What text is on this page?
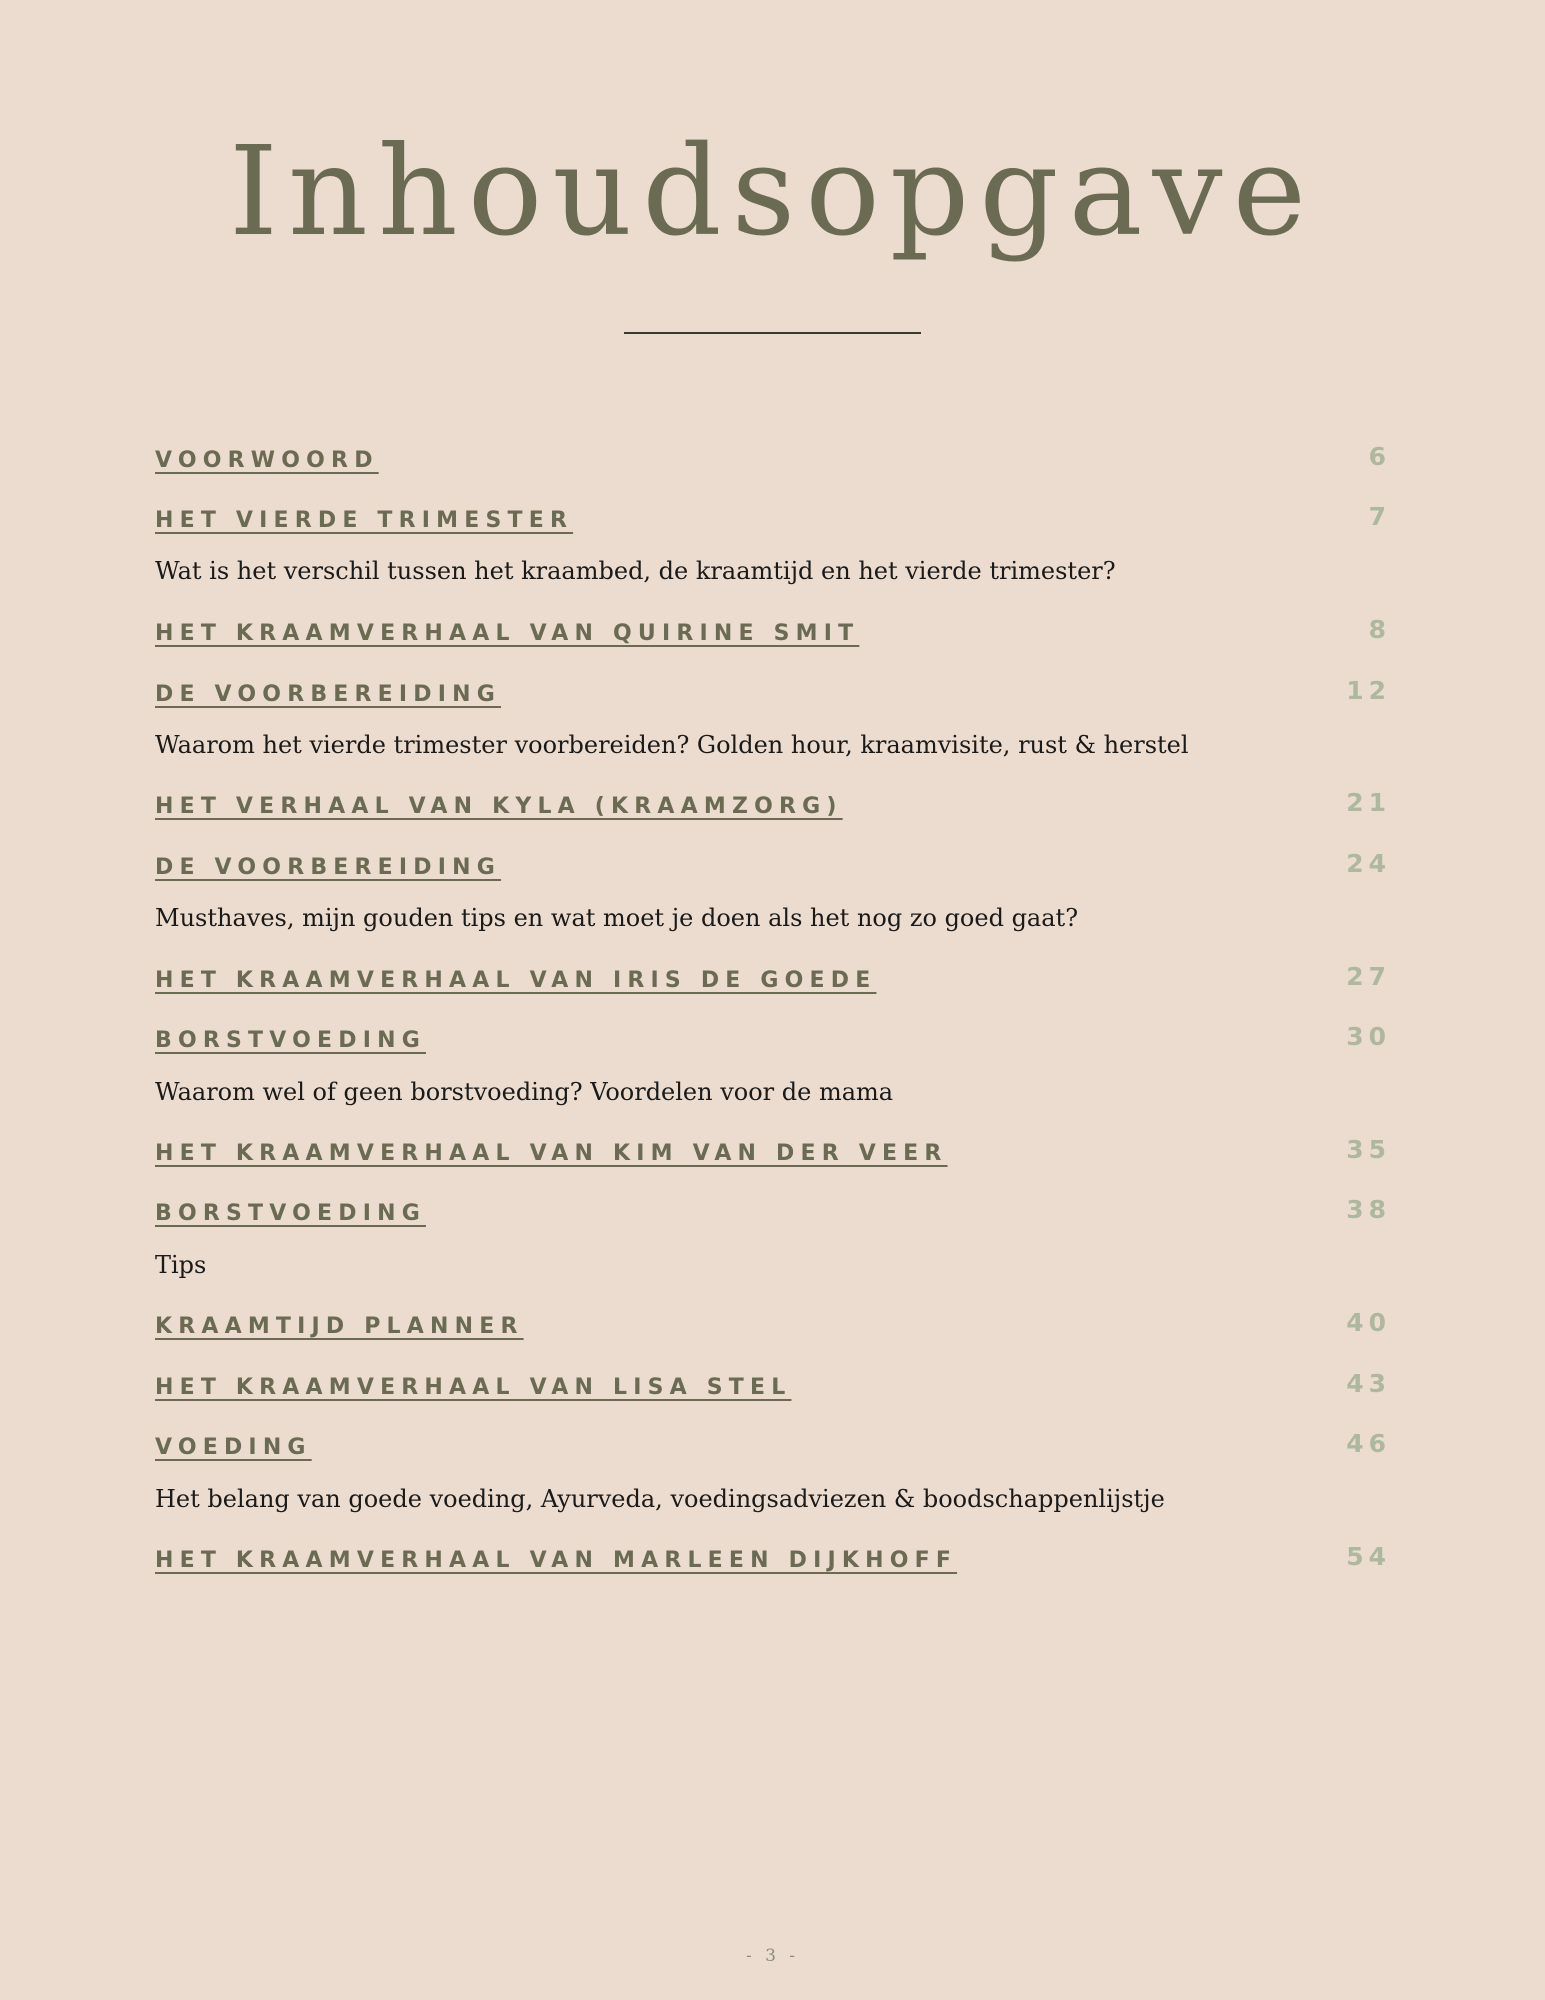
Inhoudsopgave
VOORWOORD	6
HET VIERDE TRIMESTER	7
Wat is het verschil tussen het kraambed, de kraamtijd en het vierde trimester?
HET KRAAMVERHAAL VAN QUIRINE SMIT	8
DE VOORBEREIDING	12
Waarom het vierde trimester voorbereiden? Golden hour, kraamvisite, rust & herstel
HET VERHAAL VAN KYLA (KRAAMZORG)	21
DE VOORBEREIDING	24
Musthaves, mijn gouden tips en wat moet je doen als het nog zo goed gaat?
HET KRAAMVERHAAL VAN IRIS DE GOEDE	27
BORSTVOEDING	30
Waarom wel of geen borstvoeding? Voordelen voor de mama
HET KRAAMVERHAAL VAN KIM VAN DER VEER	35
BORSTVOEDING	38
Tips
KRAAMTIJD PLANNER	40
HET KRAAMVERHAAL VAN LISA STEL	43
VOEDING	46
Het belang van goede voeding, Ayurveda, voedingsadviezen & boodschappenlijstje
HET KRAAMVERHAAL VAN MARLEEN DIJKHOFF	54
- 3 -
